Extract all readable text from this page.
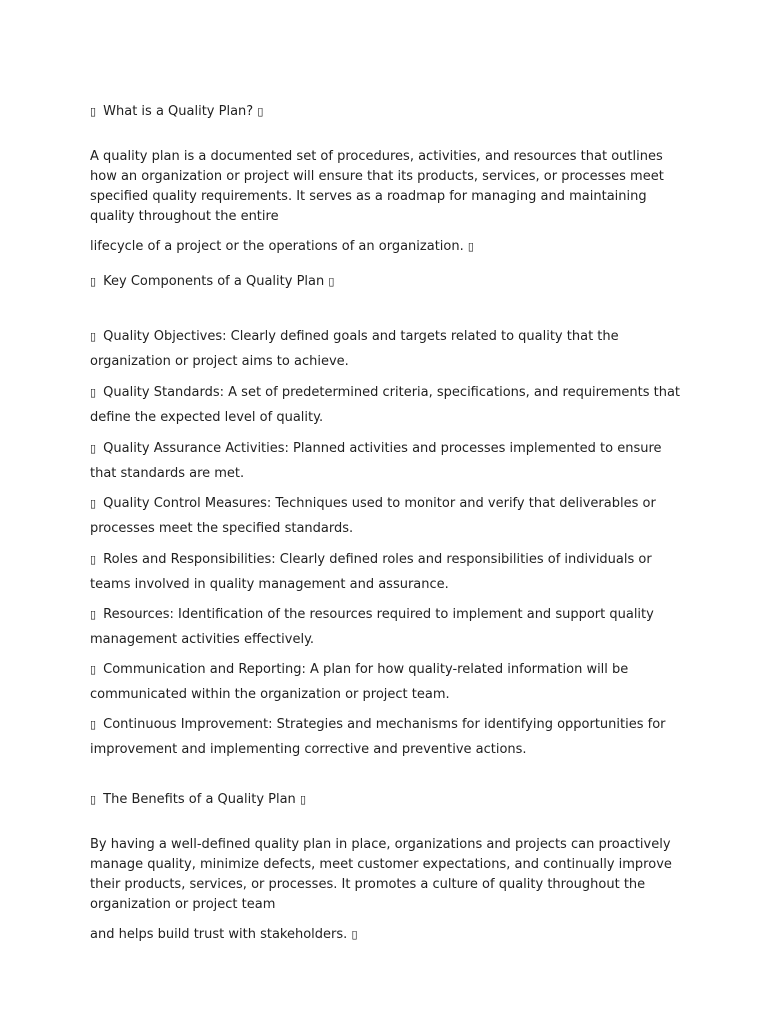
▯ What is a Quality Plan? ▯
A quality plan is a documented set of procedures, activities, and resources that outlines how an organization or project will ensure that its products, services, or processes meet specified quality requirements. It serves as a roadmap for managing and maintaining quality throughout the entire
lifecycle of a project or the operations of an organization. ▯
▯ Key Components of a Quality Plan ▯
▯ Quality Objectives: Clearly defined goals and targets related to quality that the organization or project aims to achieve.
▯ Quality Standards: A set of predetermined criteria, specifications, and requirements that define the expected level of quality.
▯ Quality Assurance Activities: Planned activities and processes implemented to ensure that standards are met.
▯ Quality Control Measures: Techniques used to monitor and verify that deliverables or processes meet the specified standards.
▯ Roles and Responsibilities: Clearly defined roles and responsibilities of individuals or teams involved in quality management and assurance.
▯ Resources: Identification of the resources required to implement and support quality management activities effectively.
▯ Communication and Reporting: A plan for how quality-related information will be communicated within the organization or project team.
▯ Continuous Improvement: Strategies and mechanisms for identifying opportunities for improvement and implementing corrective and preventive actions.
▯ The Benefits of a Quality Plan ▯
By having a well-defined quality plan in place, organizations and projects can proactively manage quality, minimize defects, meet customer expectations, and continually improve their products, services, or processes. It promotes a culture of quality throughout the organization or project team
and helps build trust with stakeholders. ▯
